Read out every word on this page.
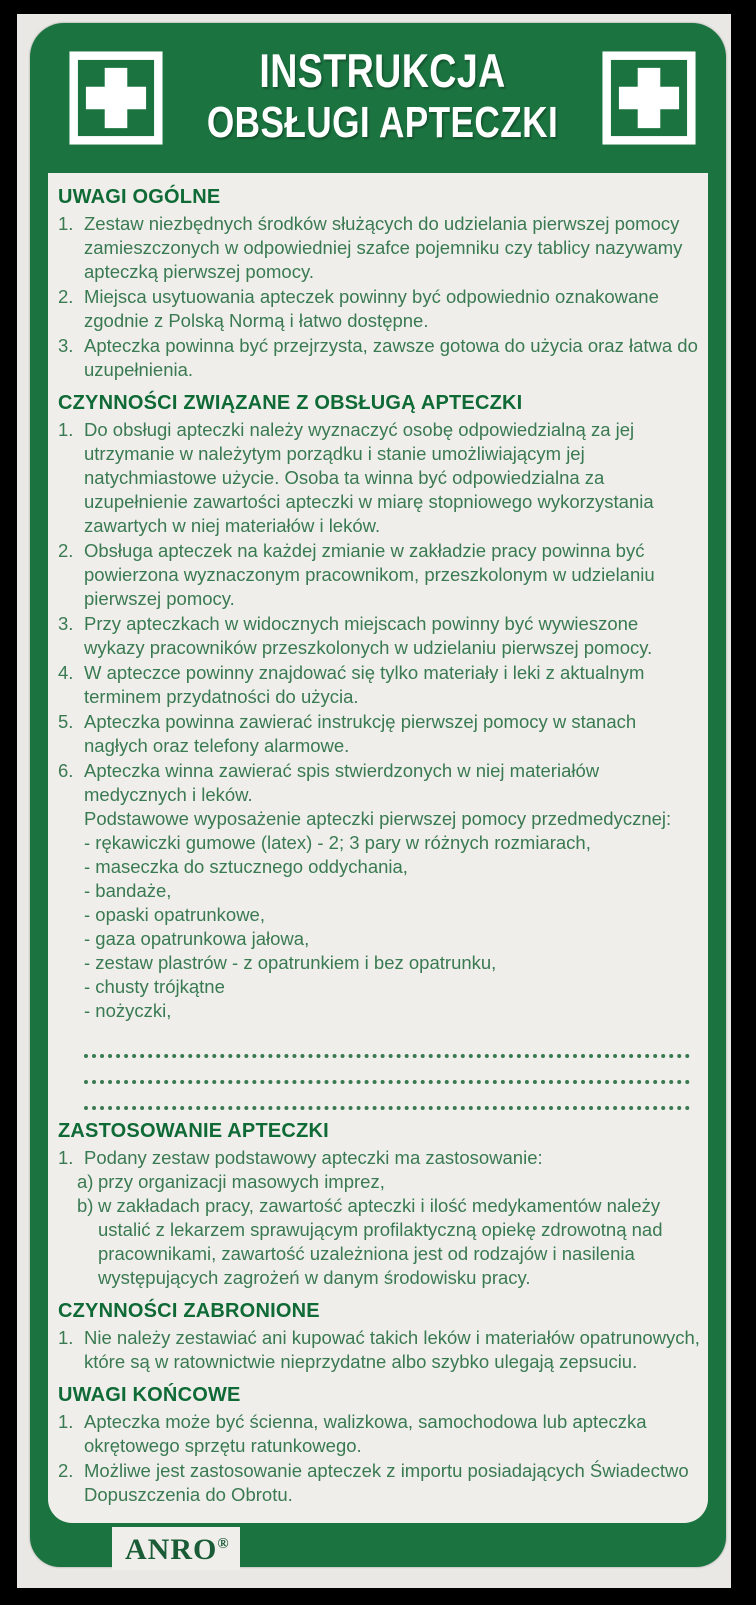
INSTRUKCJA
OBSŁUGI APTECZKI
UWAGI OGÓLNE
1. Zestaw niezbędnych środków służących do udzielania pierwszej pomocy zamieszczonych w odpowiedniej szafce pojemniku czy tablicy nazywamy apteczką pierwszej pomocy.
2. Miejsca usytuowania apteczek powinny być odpowiednio oznakowane zgodnie z Polską Normą i łatwo dostępne.
3. Apteczka powinna być przejrzysta, zawsze gotowa do użycia oraz łatwa do uzupełnienia.
CZYNNOŚCI ZWIĄZANE Z OBSŁUGĄ APTECZKI
1. Do obsługi apteczki należy wyznaczyć osobę odpowiedzialną za jej utrzymanie w należytym porządku i stanie umożliwiającym jej natychmiastowe użycie. Osoba ta winna być odpowiedzialna za uzupełnienie zawartości apteczki w miarę stopniowego wykorzystania zawartych w niej materiałów i leków.
2. Obsługa apteczek na każdej zmianie w zakładzie pracy powinna być powierzona wyznaczonym pracownikom, przeszkolonym w udzielaniu pierwszej pomocy.
3. Przy apteczkach w widocznych miejscach powinny być wywieszone wykazy pracowników przeszkolonych w udzielaniu pierwszej pomocy.
4. W apteczce powinny znajdować się tylko materiały i leki z aktualnym terminem przydatności do użycia.
5. Apteczka powinna zawierać instrukcję pierwszej pomocy w stanach nagłych oraz telefony alarmowe.
6. Apteczka winna zawierać spis stwierdzonych w niej materiałów medycznych i leków.
Podstawowe wyposażenie apteczki pierwszej pomocy przedmedycznej:
- rękawiczki gumowe (latex) - 2; 3 pary w różnych rozmiarach,
- maseczka do sztucznego oddychania,
- bandaże,
- opaski opatrunkowe,
- gaza opatrunkowa jałowa,
- zestaw plastrów - z opatrunkiem i bez opatrunku,
- chusty trójkątne
- nożyczki,
ZASTOSOWANIE APTECZKI
1. Podany zestaw podstawowy apteczki ma zastosowanie:
a) przy organizacji masowych imprez,
b) w zakładach pracy, zawartość apteczki i ilość medykamentów należy ustalić z lekarzem sprawującym profilaktyczną opiekę zdrowotną nad pracownikami, zawartość uzależniona jest od rodzajów i nasilenia występujących zagrożeń w danym środowisku pracy.
CZYNNOŚCI ZABRONIONE
1. Nie należy zestawiać ani kupować takich leków i materiałów opatrunowych, które są w ratownictwie nieprzydatne albo szybko ulegają zepsuciu.
UWAGI KOŃCOWE
1. Apteczka może być ścienna, walizkowa, samochodowa lub apteczka okrętowego sprzętu ratunkowego.
2. Możliwe jest zastosowanie apteczek z importu posiadających Świadectwo Dopuszczenia do Obrotu.
ANRO®
